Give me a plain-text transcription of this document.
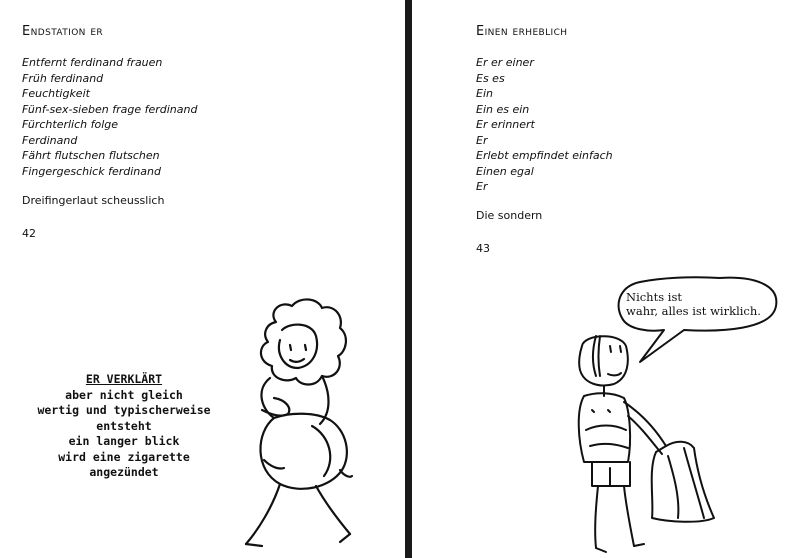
Endstation er
Entfernt ferdinand frauen
Früh ferdinand
Feuchtigkeit
Fünf-sex-sieben frage ferdinand
Fürchterlich folge
Ferdinand
Fährt flutschen flutschen
Fingergeschick ferdinand
Dreifingerlaut scheusslich
42
ER VERKLÄRT
aber nicht gleich
wertig und typischerweise
entsteht
ein langer blick
wird eine zigarette
angezündet
Einen erheblich
Er er einer
Es es
Ein
Ein es ein
Er erinnert
Er
Erlebt empfindet einfach
Einen egal
Er
Die sondern
43
Nichts ist
wahr, alles ist wirklich.
